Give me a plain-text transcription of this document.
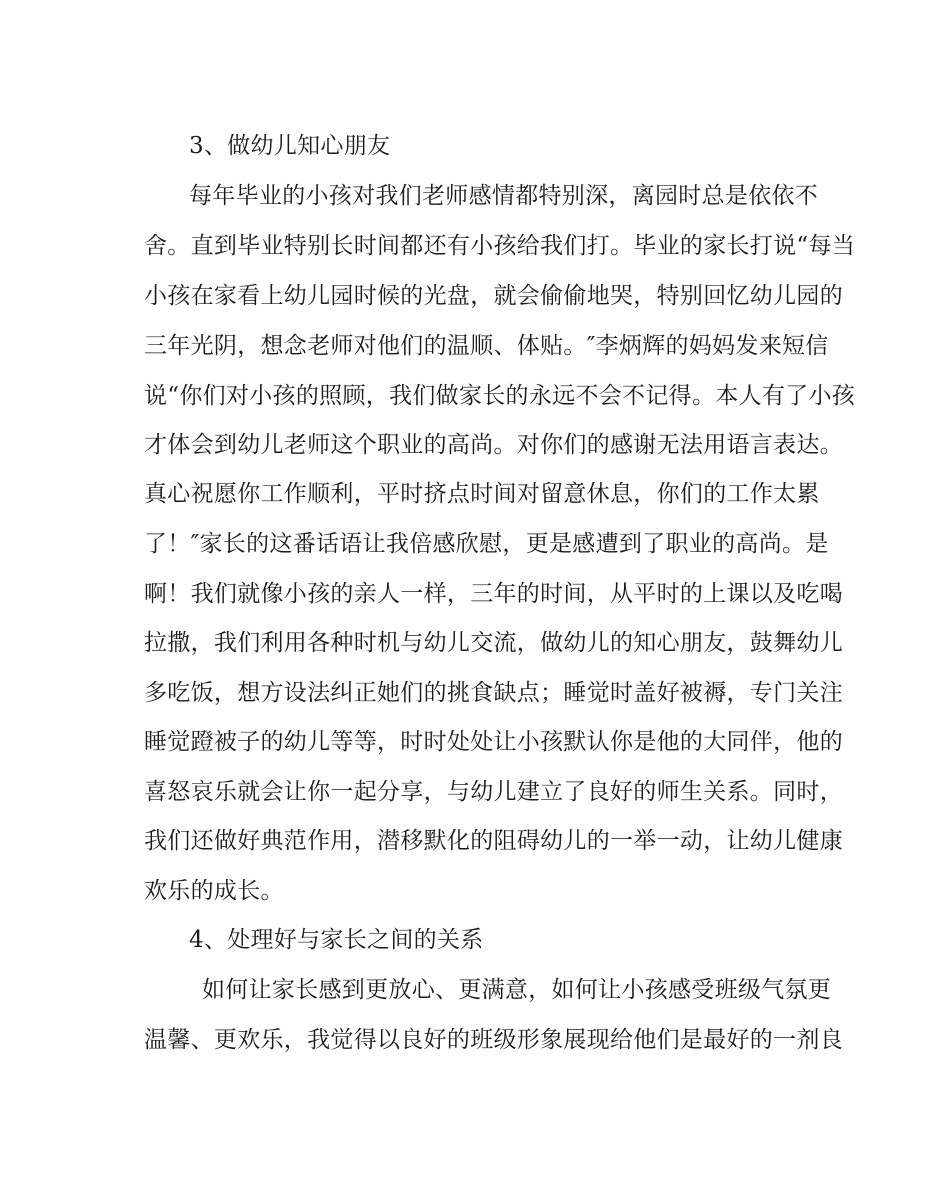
3、做幼儿知心朋友
每年毕业的小孩对我们老师感情都特别深，离园时总是依依不
舍。直到毕业特别长时间都还有小孩给我们打。毕业的家长打说“每当
小孩在家看上幼儿园时候的光盘，就会偷偷地哭，特别回忆幼儿园的
三年光阴，想念老师对他们的温顺、体贴。″李炳辉的妈妈发来短信
说“你们对小孩的照顾，我们做家长的永远不会不记得。本人有了小孩
才体会到幼儿老师这个职业的高尚。对你们的感谢无法用语言表达。
真心祝愿你工作顺利，平时挤点时间对留意休息，你们的工作太累
了！″家长的这番话语让我倍感欣慰，更是感遭到了职业的高尚。是
啊！我们就像小孩的亲人一样，三年的时间，从平时的上课以及吃喝
拉撒，我们利用各种时机与幼儿交流，做幼儿的知心朋友，鼓舞幼儿
多吃饭，想方设法纠正她们的挑食缺点；睡觉时盖好被褥，专门关注
睡觉蹬被子的幼儿等等，时时处处让小孩默认你是他的大同伴，他的
喜怒哀乐就会让你一起分享，与幼儿建立了良好的师生关系。同时，
我们还做好典范作用，潜移默化的阻碍幼儿的一举一动，让幼儿健康
欢乐的成长。
4、处理好与家长之间的关系
如何让家长感到更放心、更满意，如何让小孩感受班级气氛更
温馨、更欢乐，我觉得以良好的班级形象展现给他们是最好的一剂良
